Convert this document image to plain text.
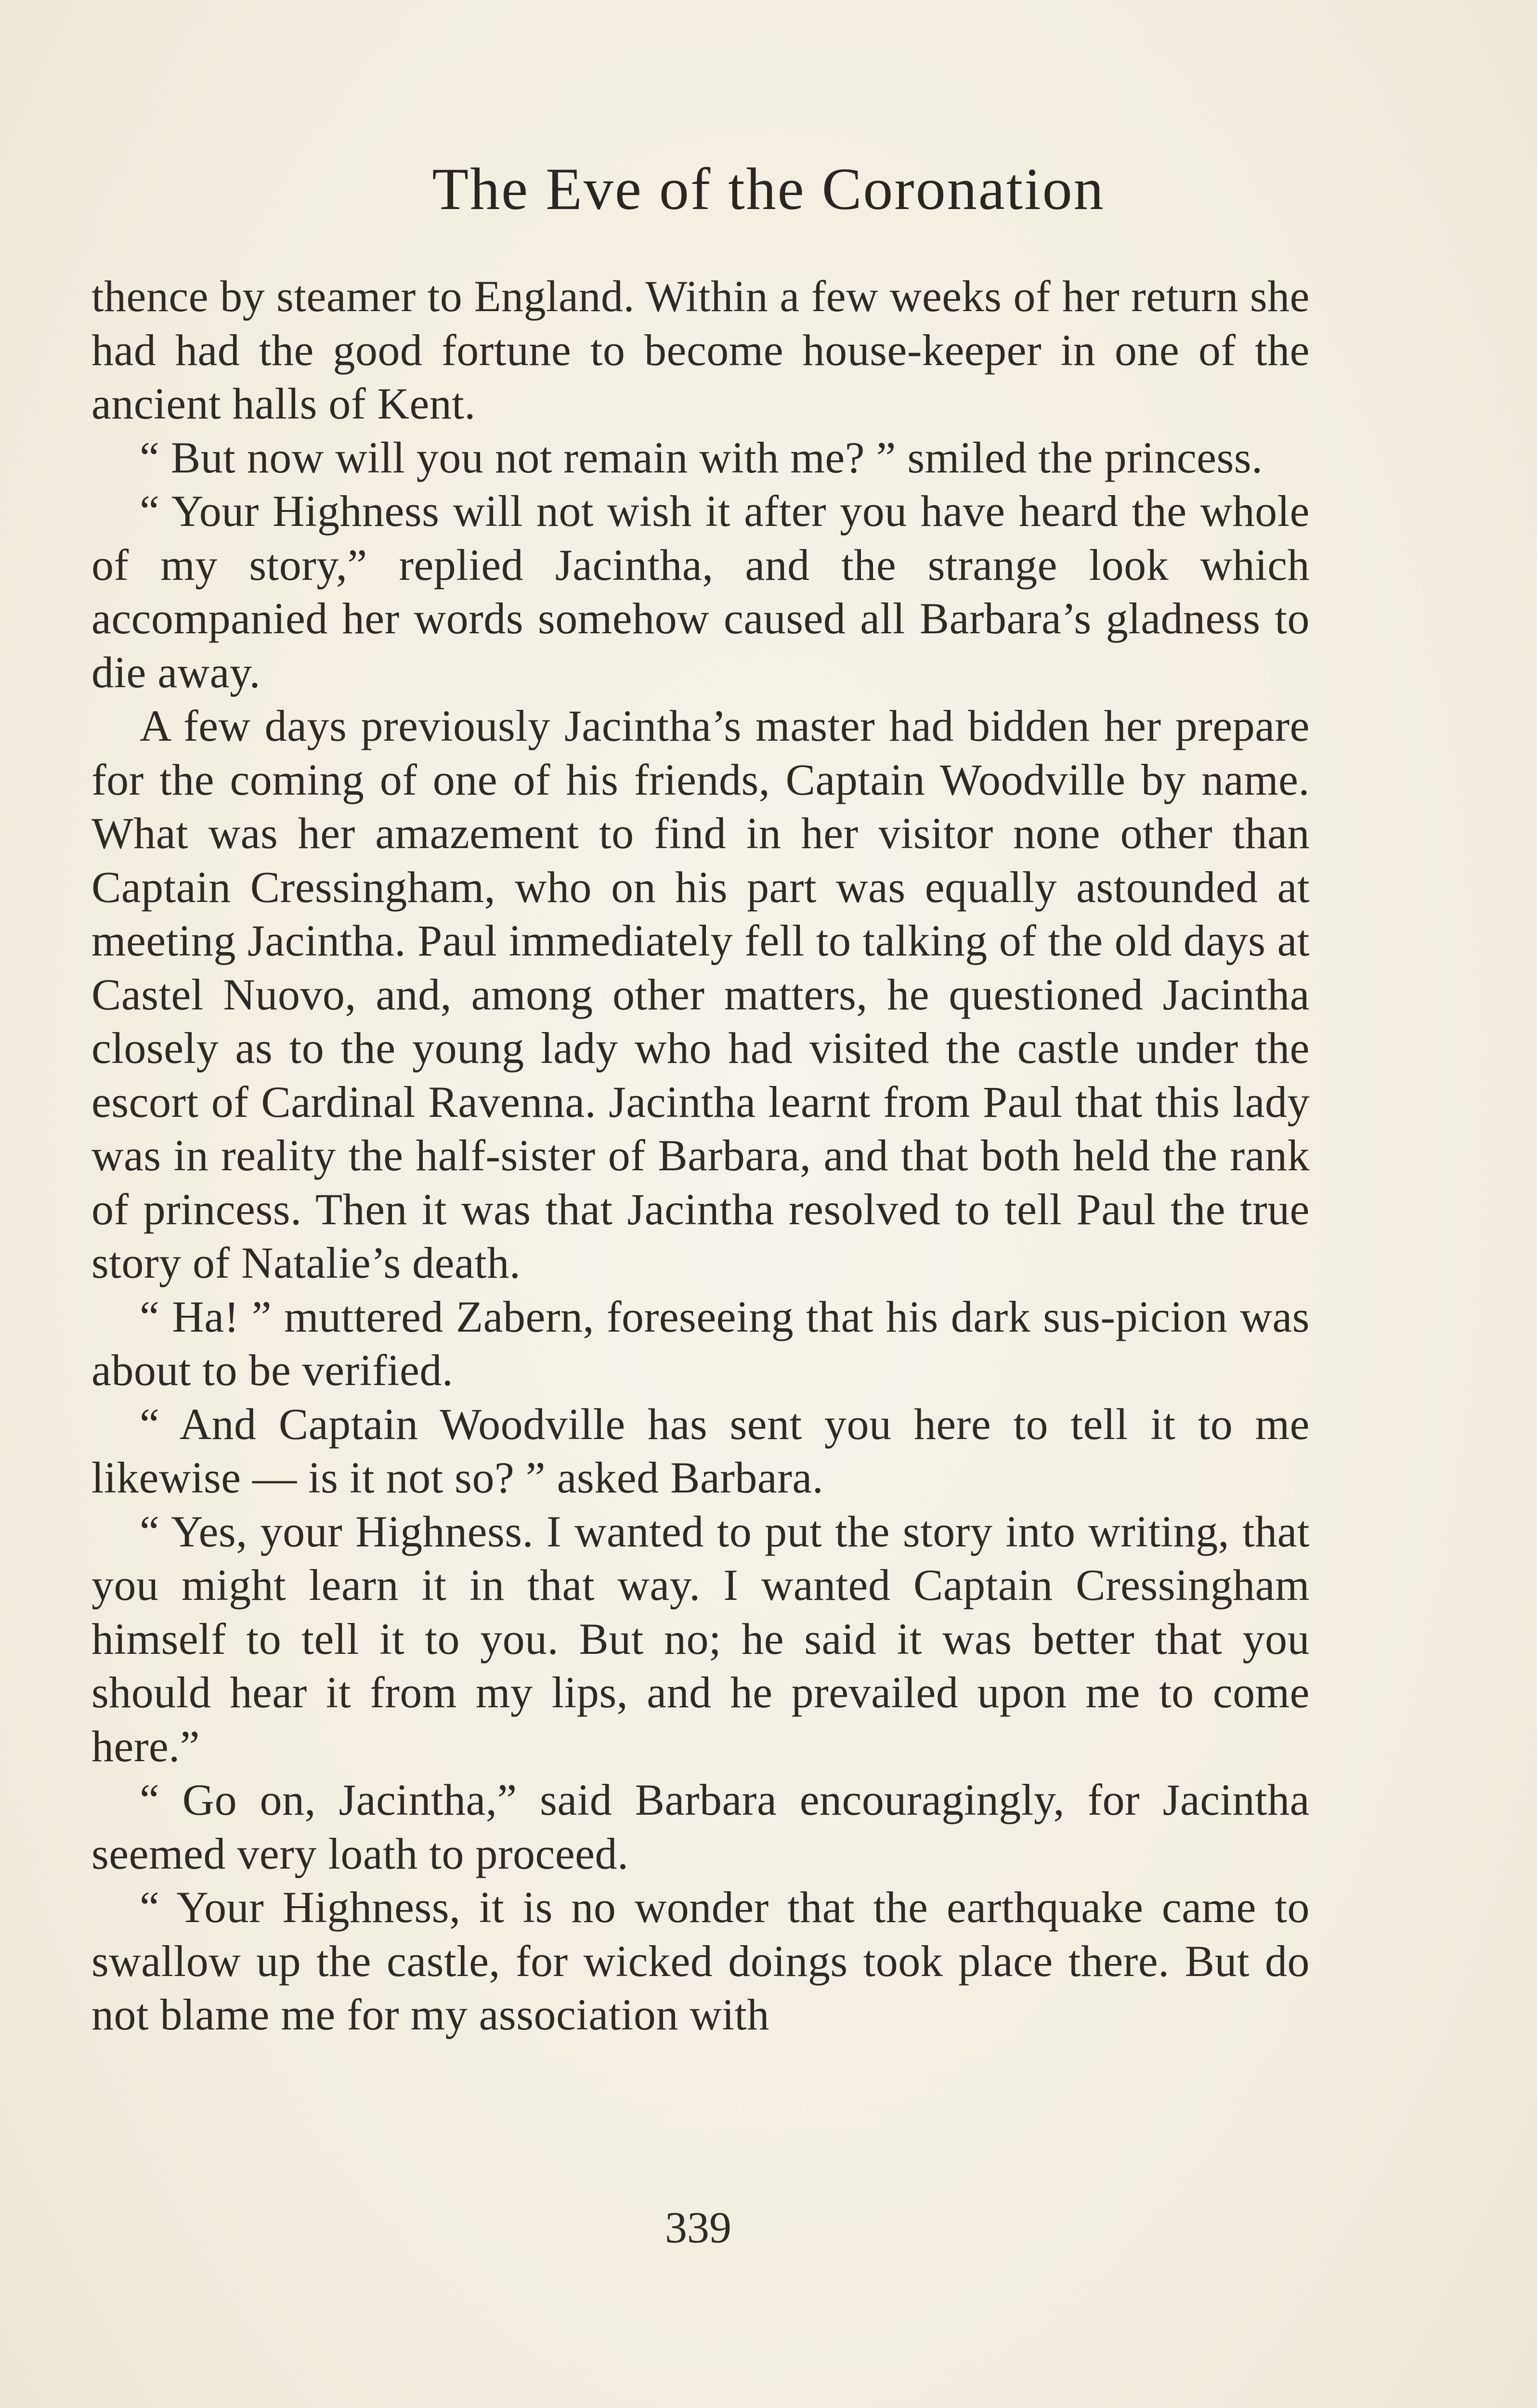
The Eve of the Coronation

thence by steamer to England. Within a few weeks of her return she had had the good fortune to become house-keeper in one of the ancient halls of Kent.

“ But now will you not remain with me? ” smiled the princess.

“ Your Highness will not wish it after you have heard the whole of my story,” replied Jacintha, and the strange look which accompanied her words somehow caused all Barbara’s gladness to die away.

A few days previously Jacintha’s master had bidden her prepare for the coming of one of his friends, Captain Woodville by name. What was her amazement to find in her visitor none other than Captain Cressingham, who on his part was equally astounded at meeting Jacintha. Paul immediately fell to talking of the old days at Castel Nuovo, and, among other matters, he questioned Jacintha closely as to the young lady who had visited the castle under the escort of Cardinal Ravenna. Jacintha learnt from Paul that this lady was in reality the half-sister of Barbara, and that both held the rank of princess. Then it was that Jacintha resolved to tell Paul the true story of Natalie’s death.

“ Ha! ” muttered Zabern, foreseeing that his dark sus-picion was about to be verified.

“ And Captain Woodville has sent you here to tell it to me likewise — is it not so? ” asked Barbara.

“ Yes, your Highness. I wanted to put the story into writing, that you might learn it in that way. I wanted Captain Cressingham himself to tell it to you. But no; he said it was better that you should hear it from my lips, and he prevailed upon me to come here.”

“ Go on, Jacintha,” said Barbara encouragingly, for Jacintha seemed very loath to proceed.

“ Your Highness, it is no wonder that the earthquake came to swallow up the castle, for wicked doings took place there. But do not blame me for my association with

339
